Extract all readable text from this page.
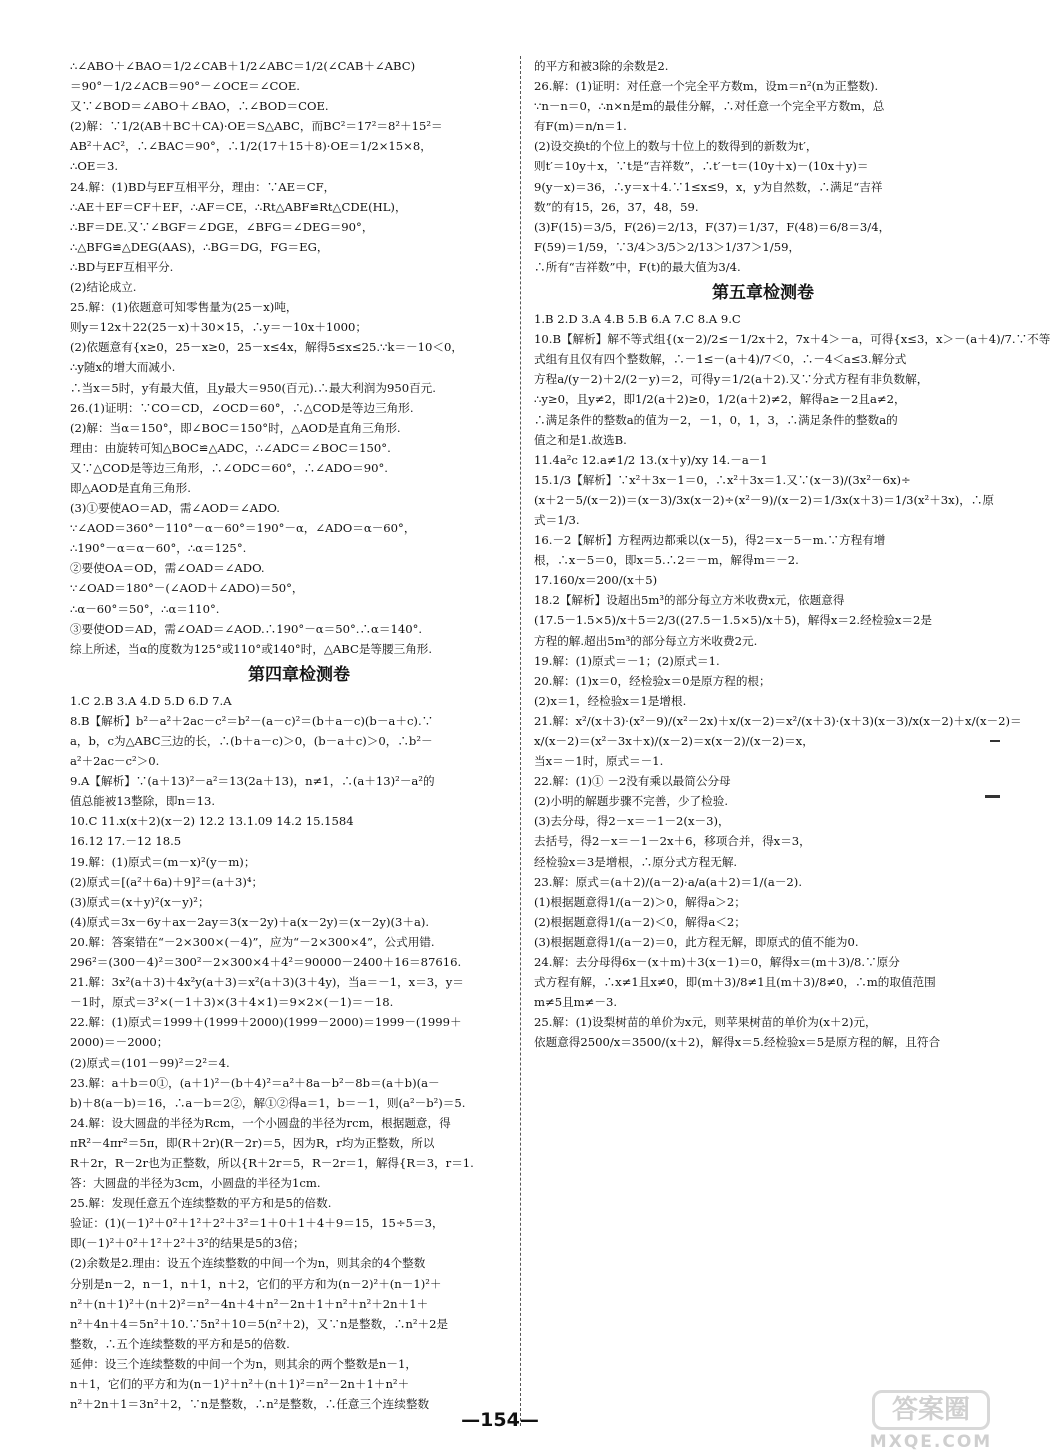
∴∠ABO＋∠BAO＝1/2∠CAB＋1/2∠ABC＝1/2(∠CAB＋∠ABC)
＝90°－1/2∠ACB＝90°－∠OCE＝∠COE.
又∵∠BOD＝∠ABO＋∠BAO，∴∠BOD＝COE.
(2)解：∵1/2(AB＋BC＋CA)·OE＝S△ABC，而BC²＝17²＝8²＋15²＝
AB²＋AC²，∴∠BAC＝90°，∴1/2(17＋15＋8)·OE＝1/2×15×8，
∴OE＝3.
24.解：(1)BD与EF互相平分，理由：∵AE＝CF，
∴AE＋EF＝CF＋EF，∴AF＝CE，∴Rt△ABF≌Rt△CDE(HL)，
∴BF＝DE.又∵∠BGF＝∠DGE，∠BFG＝∠DEG＝90°，
∴△BFG≌△DEG(AAS)，∴BG＝DG，FG＝EG，
∴BD与EF互相平分.
(2)结论成立.
25.解：(1)依题意可知零售量为(25－x)吨，
则y＝12x＋22(25－x)＋30×15，∴y＝－10x＋1000；
(2)依题意有{x≥0，25－x≥0，25－x≤4x，解得5≤x≤25.∵k＝－10＜0，
∴y随x的增大而减小.
∴当x＝5时，y有最大值，且y最大＝950(百元).∴最大利润为950百元.
26.(1)证明：∵CO＝CD，∠OCD＝60°，∴△COD是等边三角形.
(2)解：当α＝150°，即∠BOC＝150°时，△AOD是直角三角形.
理由：由旋转可知△BOC≌△ADC，∴∠ADC＝∠BOC＝150°.
又∵△COD是等边三角形，∴∠ODC＝60°，∴∠ADO＝90°.
即△AOD是直角三角形.
(3)①要使AO＝AD，需∠AOD＝∠ADO.
∵∠AOD＝360°－110°－α－60°＝190°－α，∠ADO＝α－60°，
∴190°－α＝α－60°，∴α＝125°.
②要使OA＝OD，需∠OAD＝∠ADO.
∵∠OAD＝180°－(∠AOD＋∠ADO)＝50°，
∴α－60°＝50°，∴α＝110°.
③要使OD＝AD，需∠OAD＝∠AOD.∴190°－α＝50°.∴α＝140°.
综上所述，当α的度数为125°或110°或140°时，△ABC是等腰三角形.
第四章检测卷
1.C 2.B 3.A 4.D 5.D 6.D 7.A
8.B【解析】b²－a²＋2ac－c²＝b²－(a－c)²＝(b＋a－c)(b－a＋c).∵
a，b，c为△ABC三边的长，∴(b＋a－c)＞0，(b－a＋c)＞0，∴b²－
a²＋2ac－c²＞0.
9.A【解析】∵(a＋13)²－a²＝13(2a＋13)，n≠1，∴(a＋13)²－a²的
值总能被13整除，即n＝13.
10.C 11.x(x＋2)(x－2) 12.2 13.1.09 14.2 15.1584
16.12 17.－12 18.5
19.解：(1)原式＝(m－x)²(y－m)；
(2)原式＝[(a²＋6a)＋9]²＝(a＋3)⁴；
(3)原式＝(x＋y)²(x－y)²；
(4)原式＝3x－6y＋ax－2ay＝3(x－2y)＋a(x－2y)＝(x－2y)(3＋a).
20.解：答案错在“－2×300×(－4)”，应为“－2×300×4”，公式用错.
296²＝(300－4)²＝300²－2×300×4＋4²＝90000－2400＋16＝87616.
21.解：3x²(a＋3)＋4x²y(a＋3)＝x²(a＋3)(3＋4y)，当a＝－1，x＝3，y＝
－1时，原式＝3²×(－1＋3)×(3＋4×1)＝9×2×(－1)＝－18.
22.解：(1)原式＝1999＋(1999＋2000)(1999－2000)＝1999－(1999＋
2000)＝－2000；
(2)原式＝(101－99)²＝2²＝4.
23.解：a＋b＝0①，(a＋1)²－(b＋4)²＝a²＋8a－b²－8b＝(a＋b)(a－
b)＋8(a－b)＝16，∴a－b＝2②，解①②得a＝1，b＝－1，则(a²－b²)＝5.
24.解：设大圆盘的半径为Rcm，一个小圆盘的半径为rcm，根据题意，得
πR²－4πr²＝5π，即(R＋2r)(R－2r)＝5，因为R，r均为正整数，所以
R＋2r，R－2r也为正整数，所以{R＋2r＝5，R－2r＝1，解得{R＝3，r＝1.
答：大圆盘的半径为3cm，小圆盘的半径为1cm.
25.解：发现任意五个连续整数的平方和是5的倍数.
验证：(1)(－1)²＋0²＋1²＋2²＋3²＝1＋0＋1＋4＋9＝15，15÷5＝3，
即(－1)²＋0²＋1²＋2²＋3²的结果是5的3倍；
(2)余数是2.理由：设五个连续整数的中间一个为n，则其余的4个整数
分别是n－2，n－1，n＋1，n＋2，它们的平方和为(n－2)²＋(n－1)²＋
n²＋(n＋1)²＋(n＋2)²＝n²－4n＋4＋n²－2n＋1＋n²＋n²＋2n＋1＋
n²＋4n＋4＝5n²＋10.∵5n²＋10＝5(n²＋2)，又∵n是整数，∴n²＋2是
整数，∴五个连续整数的平方和是5的倍数.
延伸：设三个连续整数的中间一个为n，则其余的两个整数是n－1，
n＋1，它们的平方和为(n－1)²＋n²＋(n＋1)²＝n²－2n＋1＋n²＋
n²＋2n＋1＝3n²＋2，∵n是整数，∴n²是整数，∴任意三个连续整数
的平方和被3除的余数是2.
26.解：(1)证明：对任意一个完全平方数m，设m＝n²(n为正整数).
∵n－n＝0，∴n×n是m的最佳分解，∴对任意一个完全平方数m，总
有F(m)＝n/n＝1.
(2)设交换t的个位上的数与十位上的数得到的新数为t′，
则t′＝10y＋x，∵t是“吉祥数”，∴t′－t＝(10y＋x)－(10x＋y)＝
9(y－x)＝36，∴y＝x＋4.∵1≤x≤9，x，y为自然数，∴满足“吉祥
数”的有15，26，37，48，59.
(3)F(15)＝3/5，F(26)＝2/13，F(37)＝1/37，F(48)＝6/8＝3/4，
F(59)＝1/59，∵3/4＞3/5＞2/13＞1/37＞1/59，
∴所有“吉祥数”中，F(t)的最大值为3/4.
第五章检测卷
1.B 2.D 3.A 4.B 5.B 6.A 7.C 8.A 9.C
10.B【解析】解不等式组{(x－2)/2≤－1/2x＋2，7x＋4＞－a，可得{x≤3，x＞－(a＋4)/7.∵不等
式组有且仅有四个整数解，∴－1≤－(a＋4)/7＜0，∴－4＜a≤3.解分式
方程a/(y－2)＋2/(2－y)＝2，可得y＝1/2(a＋2).又∵分式方程有非负数解，
∴y≥0，且y≠2，即1/2(a＋2)≥0，1/2(a＋2)≠2，解得a≥－2且a≠2，
∴满足条件的整数a的值为－2，－1，0，1，3，∴满足条件的整数a的
值之和是1.故选B.
11.4a²c 12.a≠1/2 13.(x＋y)/xy 14.－a－1
15.1/3【解析】∵x²＋3x－1＝0，∴x²＋3x＝1.又∵(x－3)/(3x²－6x)÷
(x＋2－5/(x－2))＝(x－3)/3x(x－2)÷(x²－9)/(x－2)＝1/3x(x＋3)＝1/3(x²＋3x)，∴原
式＝1/3.
16.－2【解析】方程两边都乘以(x－5)，得2＝x－5－m.∵方程有增
根，∴x－5＝0，即x＝5.∴2＝－m，解得m＝－2.
17.160/x＝200/(x＋5)
18.2【解析】设超出5m³的部分每立方米收费x元，依题意得
(17.5－1.5×5)/x＋5＝2/3((27.5－1.5×5)/x＋5)，解得x＝2.经检验x＝2是
方程的解.超出5m³的部分每立方米收费2元.
19.解：(1)原式＝－1；(2)原式＝1.
20.解：(1)x＝0，经检验x＝0是原方程的根；
(2)x＝1，经检验x＝1是增根.
21.解：x²/(x＋3)·(x²－9)/(x²－2x)＋x/(x－2)＝x²/(x＋3)·(x＋3)(x－3)/x(x－2)＋x/(x－2)＝
x/(x－2)＝(x²－3x＋x)/(x－2)＝x(x－2)/(x－2)＝x，
当x＝－1时，原式＝－1.
22.解：(1)① －2没有乘以最简公分母
(2)小明的解题步骤不完善，少了检验.
(3)去分母，得2－x＝－1－2(x－3)，
去括号，得2－x＝－1－2x＋6，移项合并，得x＝3，
经检验x＝3是增根，∴原分式方程无解.
23.解：原式＝(a＋2)/(a－2)·a/a(a＋2)＝1/(a－2).
(1)根据题意得1/(a－2)＞0，解得a＞2；
(2)根据题意得1/(a－2)＜0，解得a＜2；
(3)根据题意得1/(a－2)＝0，此方程无解，即原式的值不能为0.
24.解：去分母得6x－(x＋m)＋3(x－1)＝0，解得x＝(m＋3)/8.∵原分
式方程有解，∴x≠1且x≠0，即(m＋3)/8≠1且(m＋3)/8≠0，∴m的取值范围
m≠5且m≠－3.
25.解：(1)设梨树苗的单价为x元，则苹果树苗的单价为(x＋2)元，
依题意得2500/x＝3500/(x＋2)，解得x＝5.经检验x＝5是原方程的解，且符合
—154—	答案圈
MXQE.COM
